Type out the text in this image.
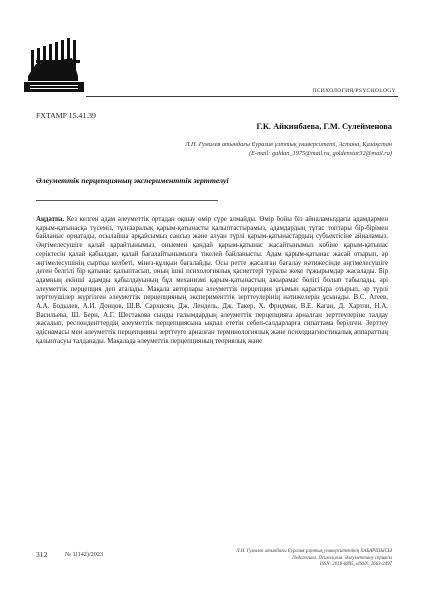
ПСИХОЛОГИЯ/PSYCHOLOGY
FXTAMP 15.41.39
Г.К. Айкинбаева, Г.М. Сулейменова
Л.Н. Гумилев атындағы Еуразия ұлттық университеті, Астана, Қазақстан
(E-mail: guldan_1975@mail.ru, goldenstar32@mail.ru)
Әлеуметтік перцепцияның эксперименттік зерттелуі
Аңдатпа. Кез келген адам әлеуметтік ортадан оқшау өмір сүре алмайды. Өмір бойы біз айналамыздағы адамдармен қарым-қатынасқа түсеміз, тұлғааралық қарым-қатынасты қалыптастырамыз, адамдардың тұтас топтары бір-бірімен байланыс орнатады, осылайша әрқайсымыз сансыз және алуан түрлі қарым-қатынастардың субъектісіне айналамыз. Әңгімелесушіге қалай қарайтынымыз, оныемен қандай қарым-қатынас жасайтынымыз көбіне қарым-қатынас серіктесін қалай қабылдап, қалай бағалайтынымызға тікелей байланысты. Адам қарым-қатынас жасай отырып, әр әңгімелесушінің сыртқы келбеті, мінез-құлқын бағалайды. Осы ретте жасалған бағалау нәтижесінде әңгімелесушіге деген белгілі бір қатынас қалыптасып, оның ішкі психологиялық қасиеттері туралы жеке тұжырымдар жасалады. Бір адамның екінші адамды қабылдауының бұл механизмі қарым-қатынастың ажырамас бөлігі болып табылады, әрі әлеуметтік перцепция деп аталады. Мақала авторлары әлеуметтік перцепция ұғымын қарастыра отырып, әр түрлі зерттеушілер жүргізген әлеуметтік перцепцияның эксперименттік зерттеулерінің нәтижелерін ұсынады. В.С. Агеев, А.А. Бодылев, А.И. Донцов, Ш.В. Сархисян, Дж. Лендель, Дж. Такер, Х. Фридман, В.Е. Каган, Д. Хартли, Н.А. Васильева, Ш. Берн, А.Г. Шестакова сынды ғалымдардың әлеуметтік перцепцияға арналған зерттеулеріне талдау жасалып, респонденттердің әлеуметтік перцепциясына ықпал ететін себеп-салдарларға сипаттама берілген. Зерттеу әдіснамасы мен әлеуметтік перцепцияны зерттеуге арналған терминологиялық және психодиагностикалық аппараттың қалыптасуы талданады. Мақалада әлеуметтік перцепцияның теориялық және
312	№ 1(142)/2023	Л.Н. Гумилев атындағы Еуразия ұлттық университетінің ХАБАРШЫСЫ
Педагогика. Психология. Әлеуметтану сериясы
ISSN: 2616-6895, eISSN: 2663-2497
